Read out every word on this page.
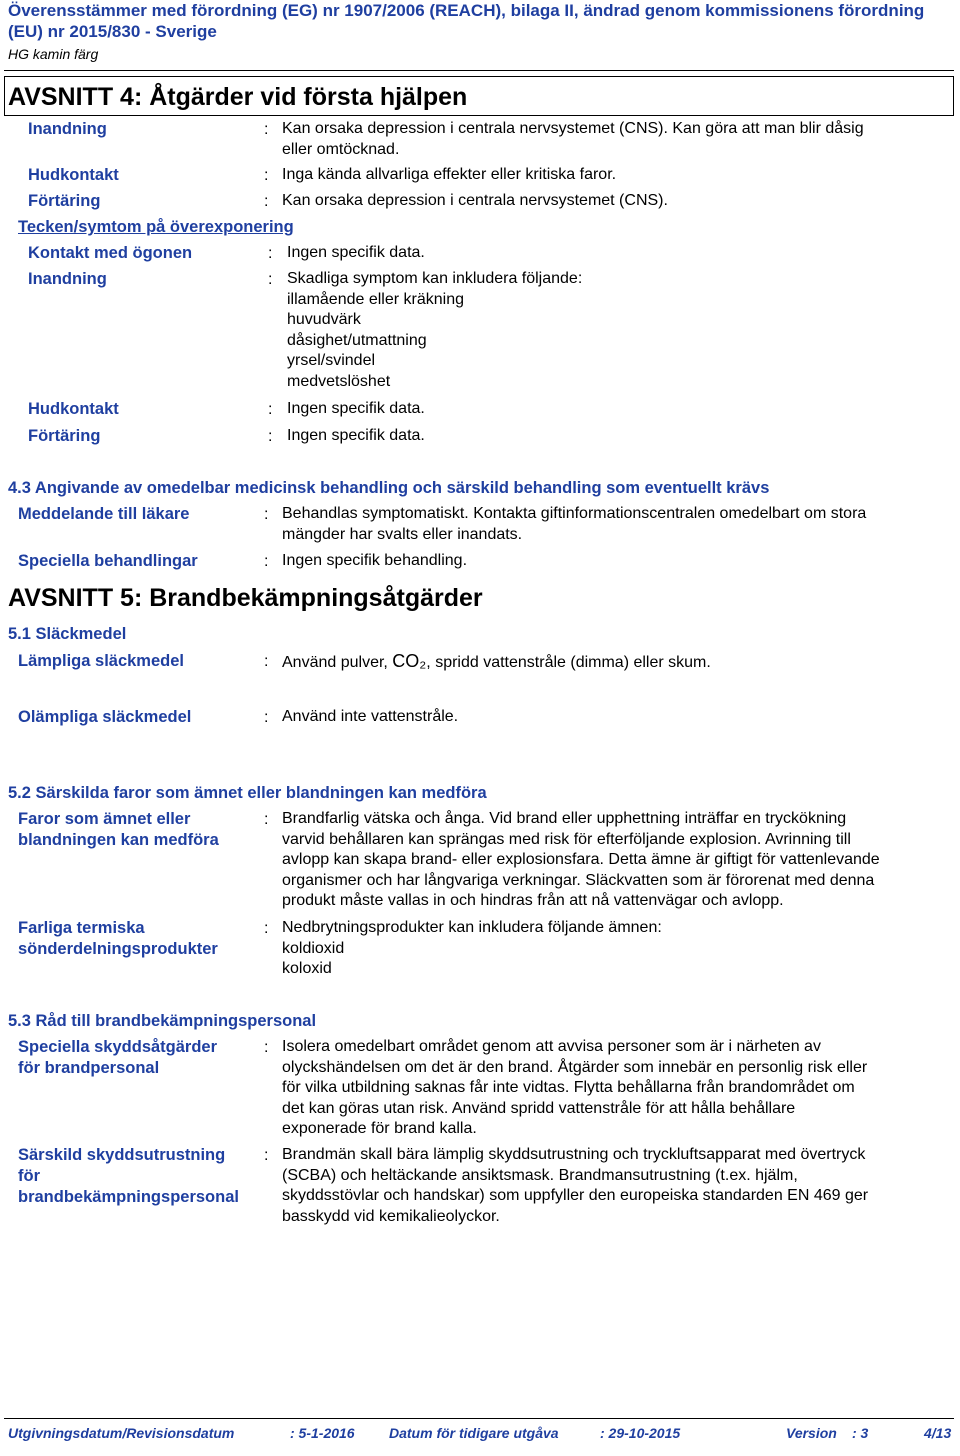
Överensstämmer med förordning (EG) nr 1907/2006 (REACH), bilaga II, ändrad genom kommissionens förordning (EU) nr 2015/830 - Sverige
HG kamin färg
AVSNITT 4: Åtgärder vid första hjälpen
Inandning	: Kan orsaka depression i centrala nervsystemet (CNS). Kan göra att man blir dåsig
eller omtöcknad.
Hudkontakt	: Inga kända allvarliga effekter eller kritiska faror.
Förtäring	: Kan orsaka depression i centrala nervsystemet (CNS).
Tecken/symtom på överexponering
Kontakt med ögonen	: Ingen specifik data.
Inandning	: Skadliga symptom kan inkludera följande:
illamående eller kräkning
huvudvärk
dåsighet/utmattning
yrsel/svindel
medvetslöshet
Hudkontakt	: Ingen specifik data.
Förtäring	: Ingen specifik data.
4.3 Angivande av omedelbar medicinsk behandling och särskild behandling som eventuellt krävs
Meddelande till läkare	: Behandlas symptomatiskt. Kontakta giftinformationscentralen omedelbart om stora
mängder har svalts eller inandats.
Speciella behandlingar	: Ingen specifik behandling.
AVSNITT 5: Brandbekämpningsåtgärder
5.1 Släckmedel
Lämpliga släckmedel	: Använd pulver, CO₂, spridd vattenstråle (dimma) eller skum.
Olämpliga släckmedel	: Använd inte vattenstråle.
5.2 Särskilda faror som ämnet eller blandningen kan medföra
Faror som ämnet eller
blandningen kan medföra
: Brandfarlig vätska och ånga. Vid brand eller upphettning inträffar en tryckökning
varvid behållaren kan sprängas med risk för efterföljande explosion. Avrinning till
avlopp kan skapa brand- eller explosionsfara. Detta ämne är giftigt för vattenlevande
organismer och har långvariga verkningar. Släckvatten som är förorenat med denna
produkt måste vallas in och hindras från att nå vattenvägar och avlopp.
Farliga termiska
sönderdelningsprodukter
: Nedbrytningsprodukter kan inkludera följande ämnen:
koldioxid
koloxid
5.3 Råd till brandbekämpningspersonal
Speciella skyddsåtgärder
för brandpersonal
: Isolera omedelbart området genom att avvisa personer som är i närheten av
olyckshändelsen om det är den brand. Åtgärder som innebär en personlig risk eller
för vilka utbildning saknas får inte vidtas. Flytta behållarna från brandområdet om
det kan göras utan risk. Använd spridd vattenstråle för att hålla behållare
exponerade för brand kalla.
Särskild skyddsutrustning
för
brandbekämpningspersonal
: Brandmän skall bära lämplig skyddsutrustning och tryckluftsapparat med övertryck
(SCBA) och heltäckande ansiktsmask. Brandmansutrustning (t.ex. hjälm,
skyddsstövlar och handskar) som uppfyller den europeiska standarden EN 469 ger
basskydd vid kemikalieolyckor.
Utgivningsdatum/Revisionsdatum	: 5-1-2016 Datum för tidigare utgåva	: 29-10-2015	Version : 3	4/13
